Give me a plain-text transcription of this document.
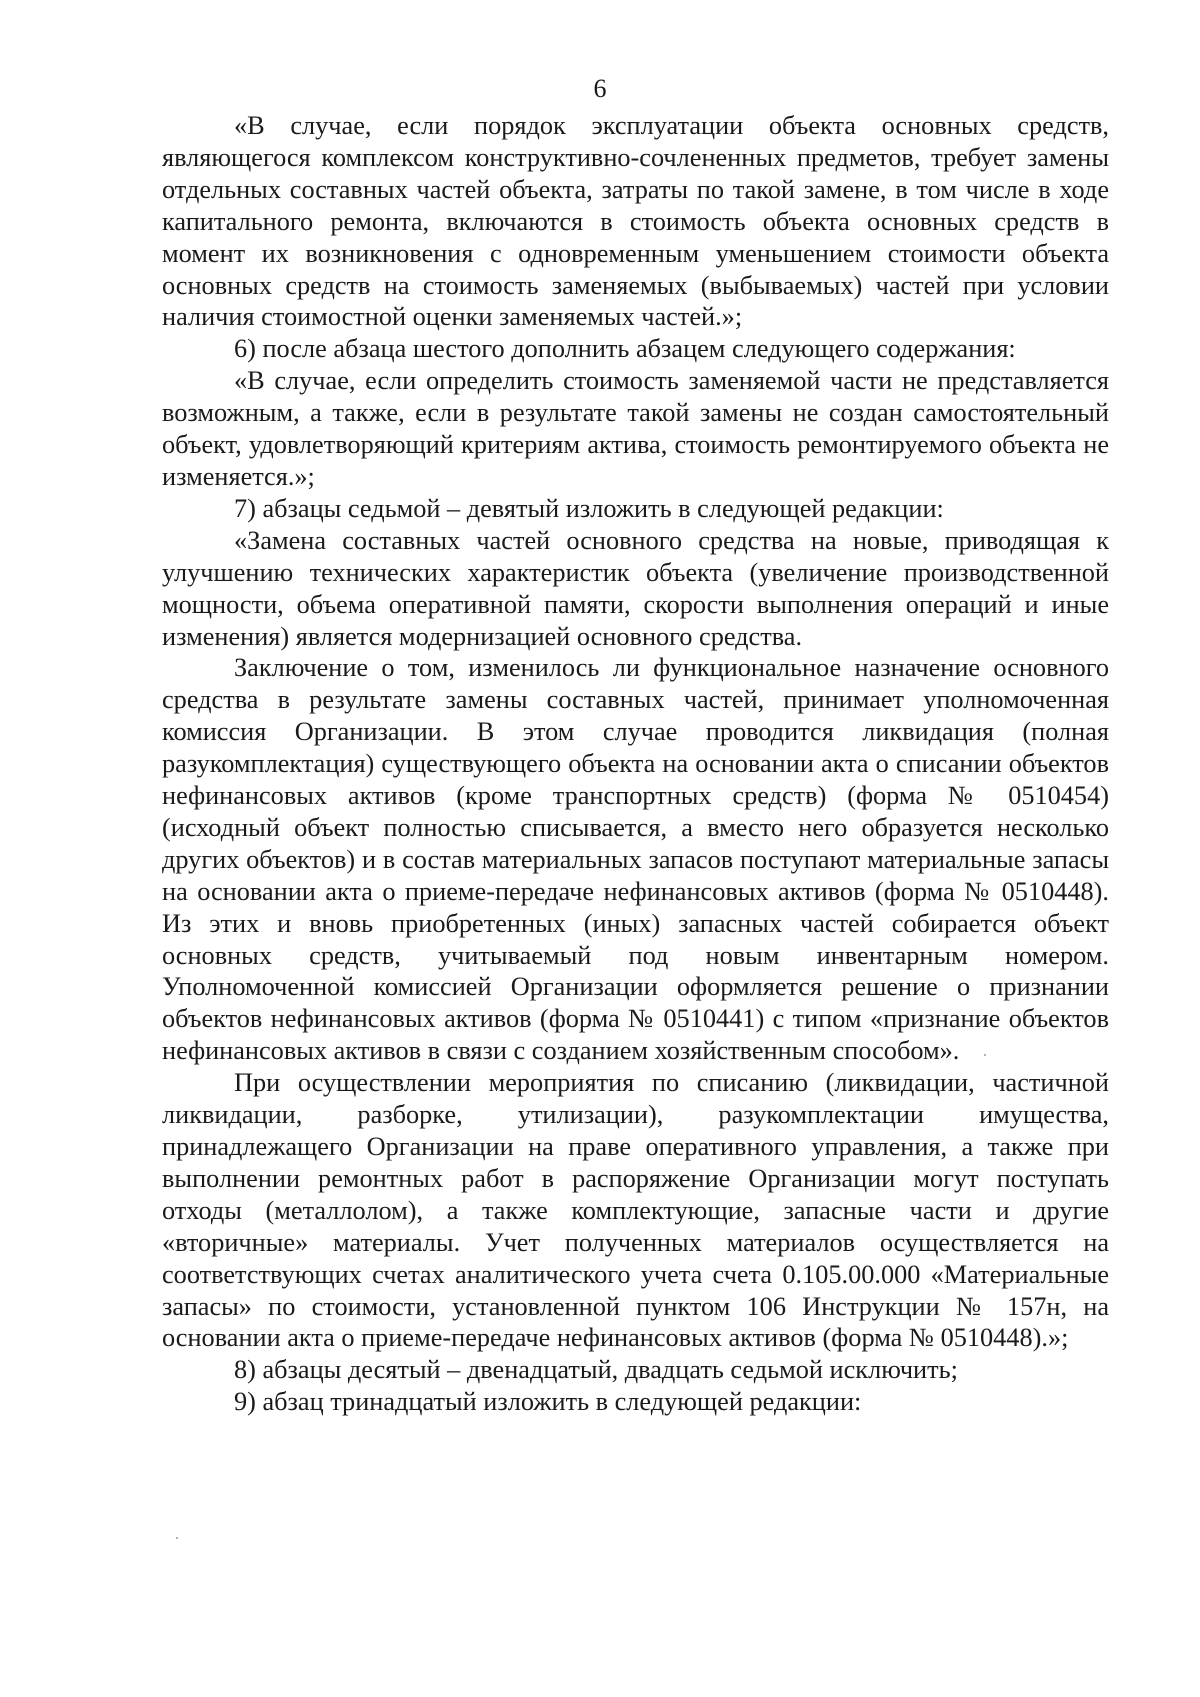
6

«В случае, если порядок эксплуатации объекта основных средств, являющегося комплексом конструктивно-сочлененных предметов, требует замены отдельных составных частей объекта, затраты по такой замене, в том числе в ходе капитального ремонта, включаются в стоимость объекта основных средств в момент их возникновения с одновременным уменьшением стоимости объекта основных средств на стоимость заменяемых (выбываемых) частей при условии наличия стоимостной оценки заменяемых частей.»;

6) после абзаца шестого дополнить абзацем следующего содержания:

«В случае, если определить стоимость заменяемой части не представляется возможным, а также, если в результате такой замены не создан самостоятельный объект, удовлетворяющий критериям актива, стоимость ремонтируемого объекта не изменяется.»;

7) абзацы седьмой – девятый изложить в следующей редакции:

«Замена составных частей основного средства на новые, приводящая к улучшению технических характеристик объекта (увеличение производственной мощности, объема оперативной памяти, скорости выполнения операций и иные изменения) является модернизацией основного средства.

Заключение о том, изменилось ли функциональное назначение основного средства в результате замены составных частей, принимает уполномоченная комиссия Организации. В этом случае проводится ликвидация (полная разукомплектация) существующего объекта на основании акта о списании объектов нефинансовых активов (кроме транспортных средств) (форма № 0510454) (исходный объект полностью списывается, а вместо него образуется несколько других объектов) и в состав материальных запасов поступают материальные запасы на основании акта о приеме-передаче нефинансовых активов (форма № 0510448). Из этих и вновь приобретенных (иных) запасных частей собирается объект основных средств, учитываемый под новым инвентарным номером. Уполномоченной комиссией Организации оформляется решение о признании объектов нефинансовых активов (форма № 0510441) с типом «признание объектов нефинансовых активов в связи с созданием хозяйственным способом».

При осуществлении мероприятия по списанию (ликвидации, частичной ликвидации, разборке, утилизации), разукомплектации имущества, принадлежащего Организации на праве оперативного управления, а также при выполнении ремонтных работ в распоряжение Организации могут поступать отходы (металлолом), а также комплектующие, запасные части и другие «вторичные» материалы. Учет полученных материалов осуществляется на соответствующих счетах аналитического учета счета 0.105.00.000 «Материальные запасы» по стоимости, установленной пунктом 106 Инструкции № 157н, на основании акта о приеме-передаче нефинансовых активов (форма № 0510448).»;

8) абзацы десятый – двенадцатый, двадцать седьмой исключить;

9) абзац тринадцатый изложить в следующей редакции:
